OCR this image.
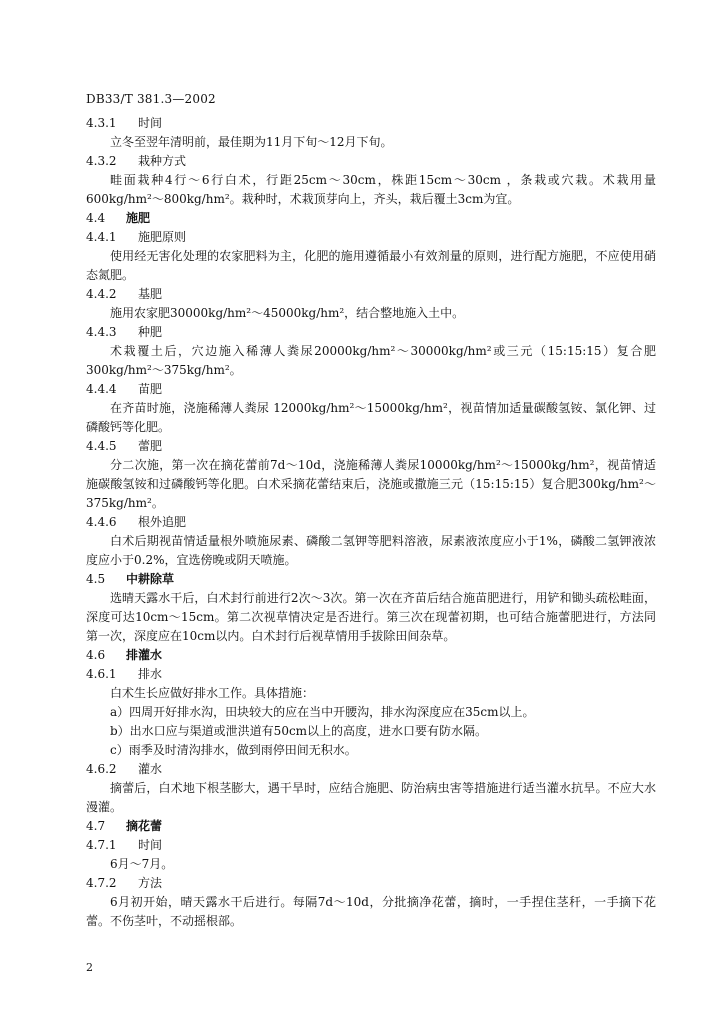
DB33/T 381.3—2002
4.3.1	时间

立冬至翌年清明前，最佳期为11月下旬～12月下旬。

4.3.2	栽种方式

畦面栽种4行～6行白术，行距25cm～30cm，株距15cm～30cm ，条栽或穴栽。术栽用量600kg/hm²～800kg/hm²。栽种时，术栽顶芽向上，齐头，栽后覆土3cm为宜。

4.4	施肥
4.4.1	施肥原则

使用经无害化处理的农家肥料为主，化肥的施用遵循最小有效剂量的原则，进行配方施肥，不应使用硝态氮肥。

4.4.2	基肥

施用农家肥30000kg/hm²～45000kg/hm²，结合整地施入土中。

4.4.3	种肥

术栽覆土后，穴边施入稀薄人粪尿20000kg/hm²～30000kg/hm²或三元（15:15:15）复合肥300kg/hm²～375kg/hm²。

4.4.4	苗肥

在齐苗时施，浇施稀薄人粪尿 12000kg/hm²～15000kg/hm²，视苗情加适量碳酸氢铵、氯化钾、过磷酸钙等化肥。

4.4.5	蕾肥

分二次施，第一次在摘花蕾前7d～10d，浇施稀薄人粪尿10000kg/hm²～15000kg/hm²，视苗情适施碳酸氢铵和过磷酸钙等化肥。白术采摘花蕾结束后，浇施或撒施三元（15:15:15）复合肥300kg/hm²～375kg/hm²。

4.4.6	根外追肥

白术后期视苗情适量根外喷施尿素、磷酸二氢钾等肥料溶液，尿素液浓度应小于1%，磷酸二氢钾液浓度应小于0.2%，宜选傍晚或阴天喷施。

4.5	中耕除草

选晴天露水干后，白术封行前进行2次～3次。第一次在齐苗后结合施苗肥进行，用铲和锄头疏松畦面，深度可达10cm～15cm。第二次视草情决定是否进行。第三次在现蕾初期，也可结合施蕾肥进行，方法同第一次，深度应在10cm以内。白术封行后视草情用手拔除田间杂草。

4.6	排灌水
4.6.1	排水

白术生长应做好排水工作。具体措施：

a）四周开好排水沟，田块较大的应在当中开腰沟，排水沟深度应在35cm以上。

b）出水口应与渠道或泄洪道有50cm以上的高度，进水口要有防水隔。

c）雨季及时清沟排水，做到雨停田间无积水。

4.6.2	灌水

摘蕾后，白术地下根茎膨大，遇干旱时，应结合施肥、防治病虫害等措施进行适当灌水抗旱。不应大水漫灌。

4.7	摘花蕾
4.7.1	时间

6月～7月。

4.7.2	方法

6月初开始，晴天露水干后进行。每隔7d～10d，分批摘净花蕾，摘时，一手捏住茎秆，一手摘下花蕾。不伤茎叶，不动摇根部。

2
